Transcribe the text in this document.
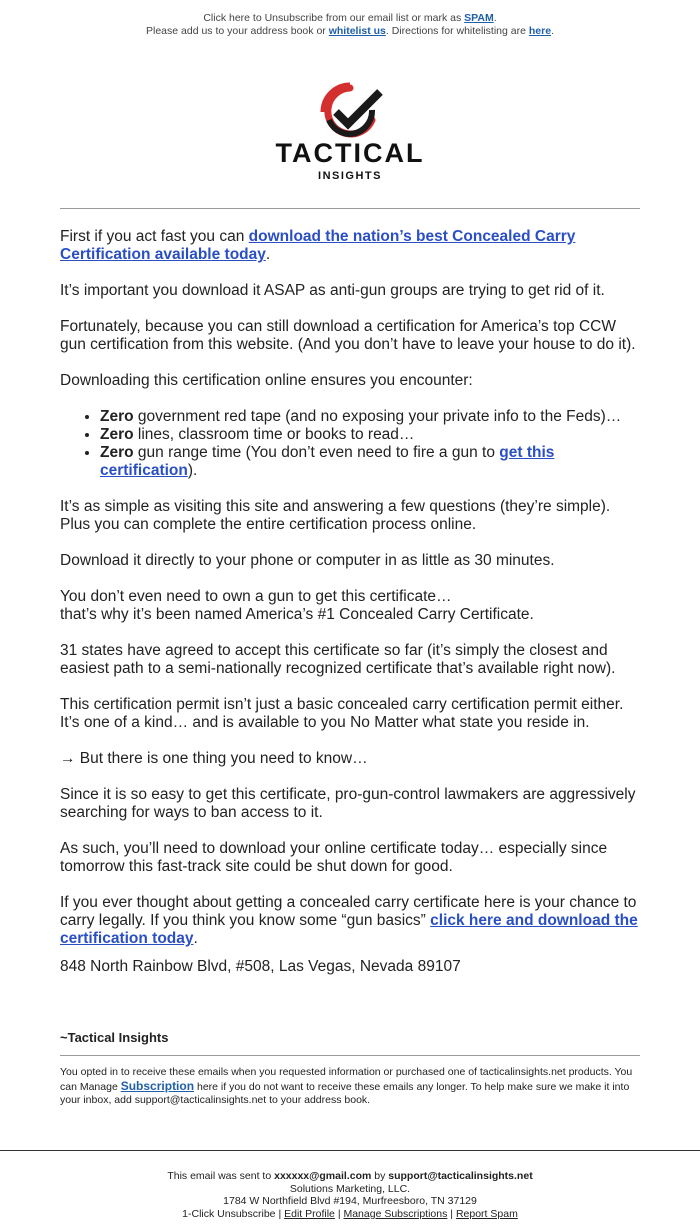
Click here to Unsubscribe from our email list or mark as SPAM.
Please add us to your address book or whitelist us. Directions for whitelisting are here.
TACTICAL
INSIGHTS

First if you act fast you can download the nation’s best Concealed Carry Certification available today.

It’s important you download it ASAP as anti-gun groups are trying to get rid of it.

Fortunately, because you can still download a certification for America’s top CCW gun certification from this website. (And you don’t have to leave your house to do it).

Downloading this certification online ensures you encounter:

• Zero government red tape (and no exposing your private info to the Feds)…
• Zero lines, classroom time or books to read…
• Zero gun range time (You don’t even need to fire a gun to get this certification).

It’s as simple as visiting this site and answering a few questions (they’re simple). Plus you can complete the entire certification process online.

Download it directly to your phone or computer in as little as 30 minutes.

You don’t even need to own a gun to get this certificate…
that’s why it’s been named America’s #1 Concealed Carry Certificate.

31 states have agreed to accept this certificate so far (it’s simply the closest and easiest path to a semi-nationally recognized certificate that’s available right now).

This certification permit isn’t just a basic concealed carry certification permit either. It’s one of a kind… and is available to you No Matter what state you reside in.

→ But there is one thing you need to know…

Since it is so easy to get this certificate, pro-gun-control lawmakers are aggressively searching for ways to ban access to it.

As such, you’ll need to download your online certificate today… especially since tomorrow this fast-track site could be shut down for good.

If you ever thought about getting a concealed carry certificate here is your chance to carry legally. If you think you know some “gun basics” click here and download the certification today.

848 North Rainbow Blvd, #508, Las Vegas, Nevada 89107

~Tactical Insights
You opted in to receive these emails when you requested information or purchased one of tacticalinsights.net products. You can Manage Subscription here if you do not want to receive these emails any longer. To help make sure we make it into your inbox, add support@tacticalinsights.net to your address book.
This email was sent to xxxxxx@gmail.com by support@tacticalinsights.net
Solutions Marketing, LLC.
1784 W Northfield Blvd #194, Murfreesboro, TN 37129
1-Click Unsubscribe | Edit Profile | Manage Subscriptions | Report Spam
